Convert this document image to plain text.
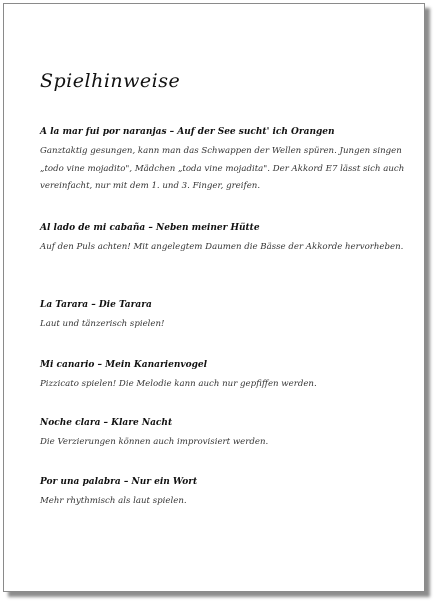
Spielhinweise
A la mar fui por naranjas – Auf der See sucht' ich Orangen
Ganztaktig gesungen, kann man das Schwappen der Wellen spüren. Jungen singen „todo vine mojadito", Mädchen „toda vine mojadita". Der Akkord E7 lässt sich auch vereinfacht, nur mit dem 1. und 3. Finger, greifen.
Al lado de mi cabaña – Neben meiner Hütte
Auf den Puls achten! Mit angelegtem Daumen die Bässe der Akkorde hervorheben.
La Tarara – Die Tarara
Laut und tänzerisch spielen!
Mi canario – Mein Kanarienvogel
Pizzicato spielen! Die Melodie kann auch nur gepfiffen werden.
Noche clara – Klare Nacht
Die Verzierungen können auch improvisiert werden.
Por una palabra – Nur ein Wort
Mehr rhythmisch als laut spielen.
